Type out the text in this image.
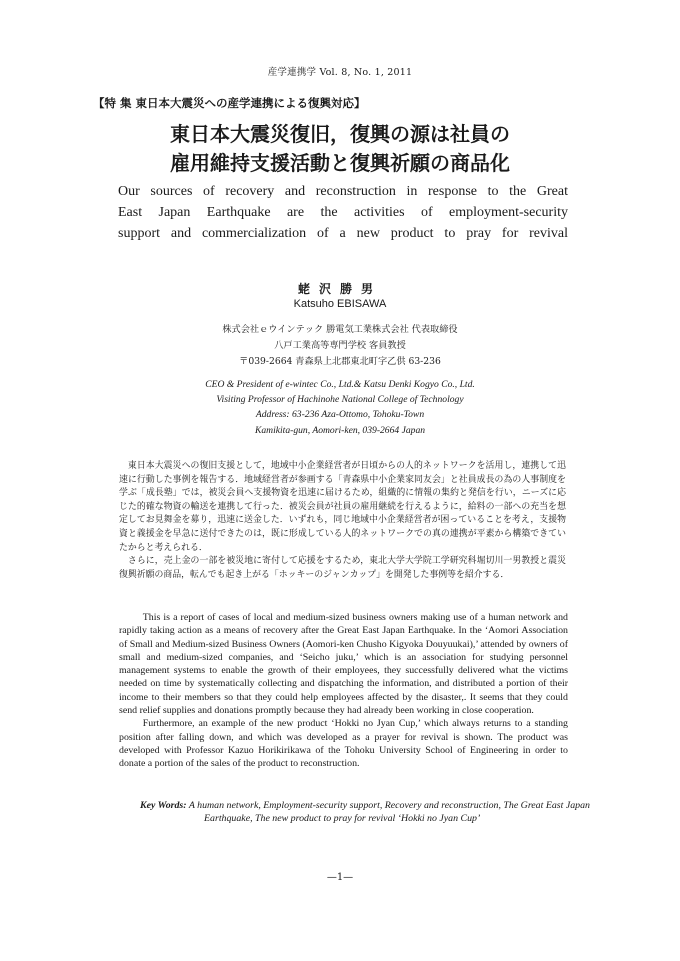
産学連携学 Vol. 8, No. 1, 2011
【特 集 東日本大震災への産学連携による復興対応】
東日本大震災復旧，復興の源は社員の
雇用維持支援活動と復興祈願の商品化
Our sources of recovery and reconstruction in response to the Great
East Japan Earthquake are the activities of employment-security
support and commercialization of a new product to pray for revival
蛯沢勝男
Katsuho EBISAWA
株式会社ｅウインテック 勝電気工業株式会社 代表取締役
八戸工業高等専門学校 客員教授
〒039-2664 青森県上北郡東北町字乙供 63-236
CEO & President of e-wintec Co., Ltd.& Katsu Denki Kogyo Co., Ltd.
Visiting Professor of Hachinohe National College of Technology
Address: 63-236 Aza-Ottomo, Tohoku-Town
Kamikita-gun, Aomori-ken, 039-2664 Japan

東日本大震災への復旧支援として，地域中小企業経営者が日頃からの人的ネットワークを活用し，連携して迅速に行動した事例を報告する．地域経営者が参画する「青森県中小企業家同友会」と社員成長の為の人事制度を学ぶ「成長塾」では，被災会員へ支援物資を迅速に届けるため，組織的に情報の集約と発信を行い，ニーズに応じた的確な物資の輸送を連携して行った．被災会員が社員の雇用継続を行えるように，給料の一部への充当を想定してお見舞金を募り，迅速に送金した．いずれも，同じ地域中小企業経営者が困っていることを考え，支援物資と義援金を早急に送付できたのは，既に形成している人的ネットワークでの真の連携が平素から構築できていたからと考えられる．

さらに，売上金の一部を被災地に寄付して応援をするため，東北大学大学院工学研究科堀切川一男教授と震災復興祈願の商品，転んでも起き上がる「ホッキーのジャンカップ」を開発した事例等を紹介する．

This is a report of cases of local and medium-sized business owners making use of a human network and rapidly taking action as a means of recovery after the Great East Japan Earthquake. In the ‘Aomori Association of Small and Medium-sized Business Owners (Aomori-ken Chusho Kigyoka Douyuukai),’ attended by owners of small and medium-sized companies, and ‘Seicho juku,’ which is an association for studying personnel management systems to enable the growth of their employees, they successfully delivered what the victims needed on time by systematically collecting and dispatching the information, and distributed a portion of their income to their members so that they could help employees affected by the disaster,. It seems that they could send relief supplies and donations promptly because they had already been working in close cooperation.

Furthermore, an example of the new product ‘Hokki no Jyan Cup,’ which always returns to a standing position after falling down, and which was developed as a prayer for revival is shown. The product was developed with Professor Kazuo Horikirikawa of the Tohoku University School of Engineering in order to donate a portion of the sales of the product to reconstruction.

Key Words: A human network, Employment-security support, Recovery and reconstruction, The Great East Japan Earthquake, The new product to pray for revival ‘Hokki no Jyan Cup’
—1—
